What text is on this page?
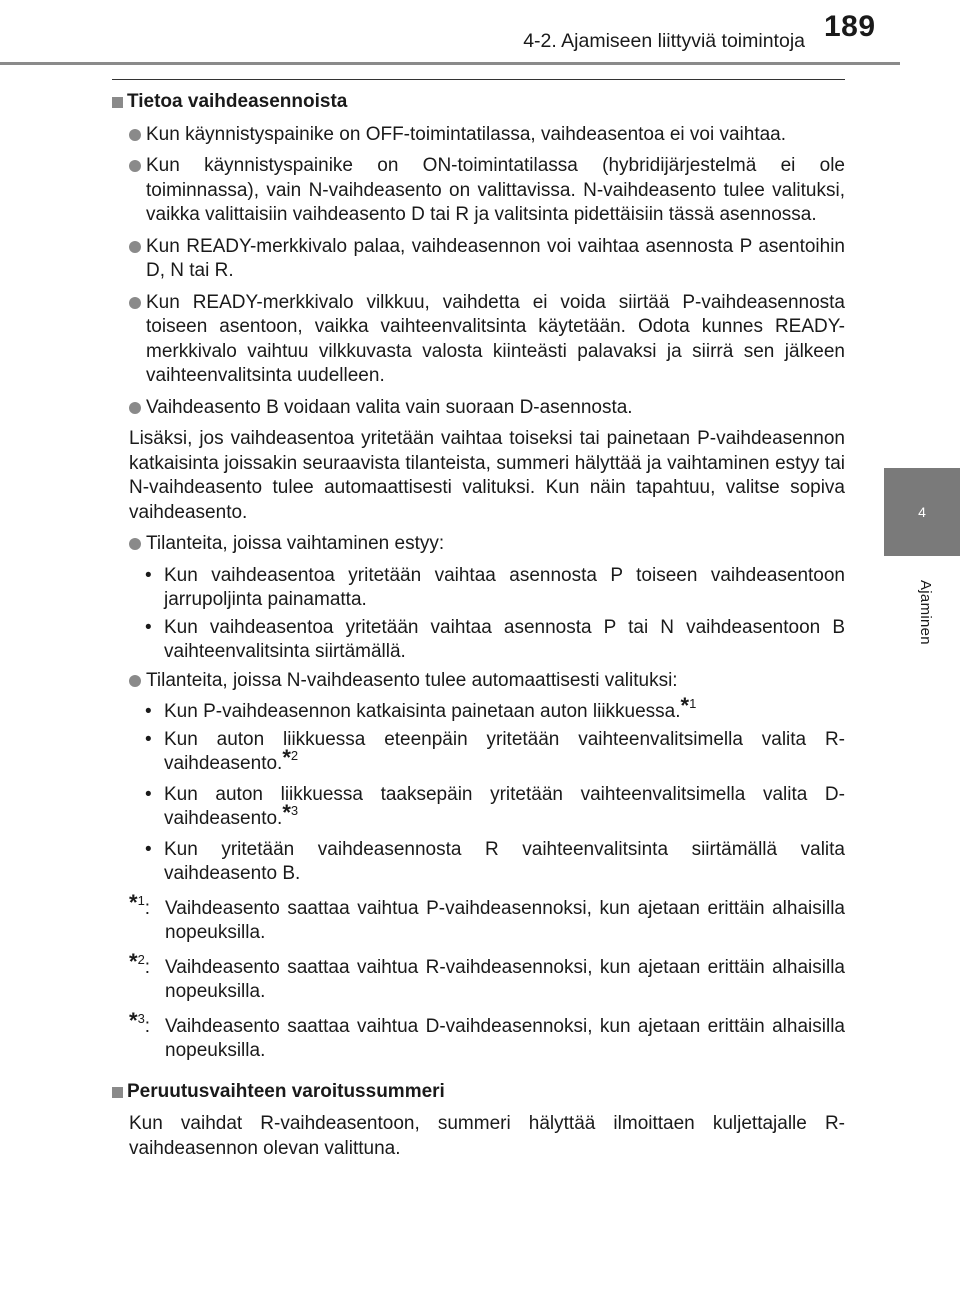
189
4-2. Ajamiseen liittyviä toimintoja
4
Ajaminen
Tietoa vaihdeasennoista
Kun käynnistyspainike on OFF-toimintatilassa, vaihdeasentoa ei voi vaihtaa.
Kun käynnistyspainike on ON-toimintatilassa (hybridijärjestelmä ei ole toiminnassa), vain N-vaihdeasento on valittavissa. N-vaihdeasento tulee valituksi, vaikka valittaisiin vaihdeasento D tai R ja valitsinta pidettäisiin tässä asennossa.
Kun READY-merkkivalo palaa, vaihdeasennon voi vaihtaa asennosta P asentoihin D, N tai R.
Kun READY-merkkivalo vilkkuu, vaihdetta ei voida siirtää P-vaihdeasennosta toiseen asentoon, vaikka vaihteenvalitsinta käytetään. Odota kunnes READY-merkkivalo vaihtuu vilkkuvasta valosta kiinteästi palavaksi ja siirrä sen jälkeen vaihteenvalitsinta uudelleen.
Vaihdeasento B voidaan valita vain suoraan D-asennosta.
Lisäksi, jos vaihdeasentoa yritetään vaihtaa toiseksi tai painetaan P-vaihdeasennon katkaisinta joissakin seuraavista tilanteista, summeri hälyttää ja vaihtaminen estyy tai N-vaihdeasento tulee automaattisesti valituksi. Kun näin tapahtuu, valitse sopiva vaihdeasento.
Tilanteita, joissa vaihtaminen estyy:
• Kun vaihdeasentoa yritetään vaihtaa asennosta P toiseen vaihdeasentoon jarrupoljinta painamatta.
• Kun vaihdeasentoa yritetään vaihtaa asennosta P tai N vaihdeasentoon B vaihteenvalitsinta siirtämällä.
Tilanteita, joissa N-vaihdeasento tulee automaattisesti valituksi:
• Kun P-vaihdeasennon katkaisinta painetaan auton liikkuessa.*$^1$
• Kun auton liikkuessa eteenpäin yritetään vaihteenvalitsimella valita R-vaihdeasento.*$^2$
• Kun auton liikkuessa taaksepäin yritetään vaihteenvalitsimella valita D-vaihdeasento.*$^3$
• Kun yritetään vaihdeasennosta R vaihteenvalitsinta siirtämällä valita vaihdeasento B.
*$^1$: Vaihdeasento saattaa vaihtua P-vaihdeasennoksi, kun ajetaan erittäin alhaisilla nopeuksilla.
*$^2$: Vaihdeasento saattaa vaihtua R-vaihdeasennoksi, kun ajetaan erittäin alhaisilla nopeuksilla.
*$^3$: Vaihdeasento saattaa vaihtua D-vaihdeasennoksi, kun ajetaan erittäin alhaisilla nopeuksilla.
Peruutusvaihteen varoitussummeri
Kun vaihdat R-vaihdeasentoon, summeri hälyttää ilmoittaen kuljettajalle R-vaihdeasennon olevan valittuna.
